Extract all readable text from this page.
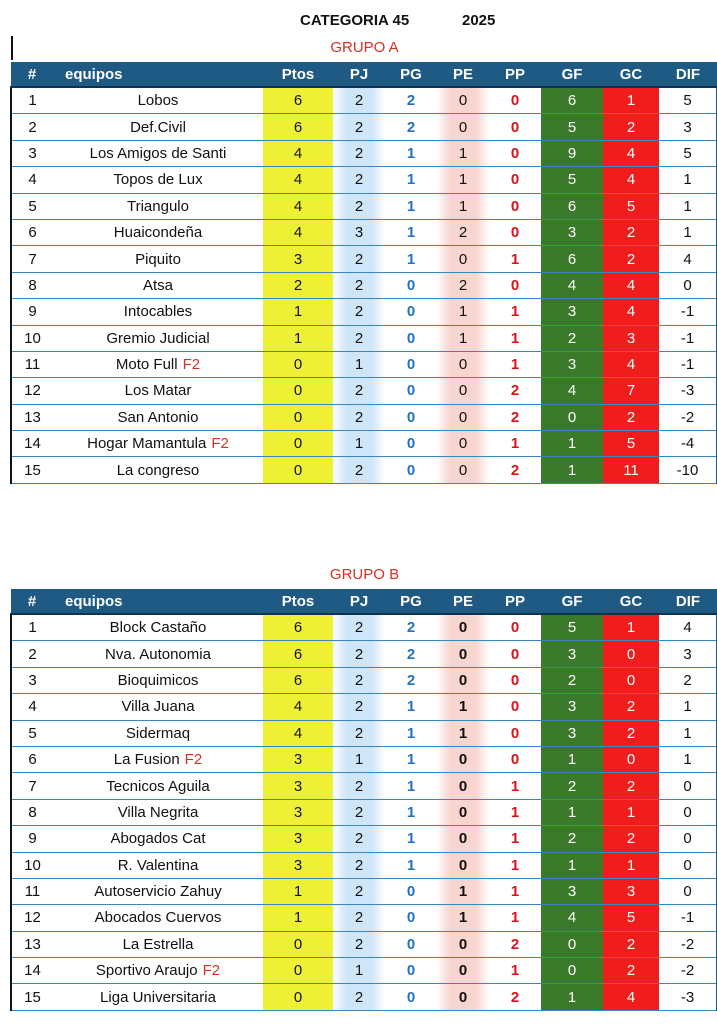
CATEGORIA 45	2025
GRUPO A
#	equipos	Ptos	PJ	PG	PE	PP	GF	GC	DIF
1	Lobos	6	2	2	0	0	6	1	5
2	Def.Civil	6	2	2	0	0	5	2	3
3	Los Amigos de Santi	4	2	1	1	0	9	4	5
4	Topos de Lux	4	2	1	1	0	5	4	1
5	Triangulo	4	2	1	1	0	6	5	1
6	Huaicondeña	4	3	1	2	0	3	2	1
7	Piquito	3	2	1	0	1	6	2	4
8	Atsa	2	2	0	2	0	4	4	0
9	Intocables	1	2	0	1	1	3	4	-1
10	Gremio Judicial	1	2	0	1	1	2	3	-1
11	Moto Full F2	0	1	0	0	1	3	4	-1
12	Los Matar	0	2	0	0	2	4	7	-3
13	San Antonio	0	2	0	0	2	0	2	-2
14	Hogar Mamantula F2	0	1	0	0	1	1	5	-4
15	La congreso	0	2	0	0	2	1	11	-10
GRUPO B
#	equipos	Ptos	PJ	PG	PE	PP	GF	GC	DIF
1	Block Castaño	6	2	2	0	0	5	1	4
2	Nva. Autonomia	6	2	2	0	0	3	0	3
3	Bioquimicos	6	2	2	0	0	2	0	2
4	Villa Juana	4	2	1	1	0	3	2	1
5	Sidermaq	4	2	1	1	0	3	2	1
6	La Fusion F2	3	1	1	0	0	1	0	1
7	Tecnicos Aguila	3	2	1	0	1	2	2	0
8	Villa Negrita	3	2	1	0	1	1	1	0
9	Abogados Cat	3	2	1	0	1	2	2	0
10	R. Valentina	3	2	1	0	1	1	1	0
11	Autoservicio Zahuy	1	2	0	1	1	3	3	0
12	Abocados Cuervos	1	2	0	1	1	4	5	-1
13	La Estrella	0	2	0	0	2	0	2	-2
14	Sportivo Araujo F2	0	1	0	0	1	0	2	-2
15	Liga Universitaria	0	2	0	0	2	1	4	-3
